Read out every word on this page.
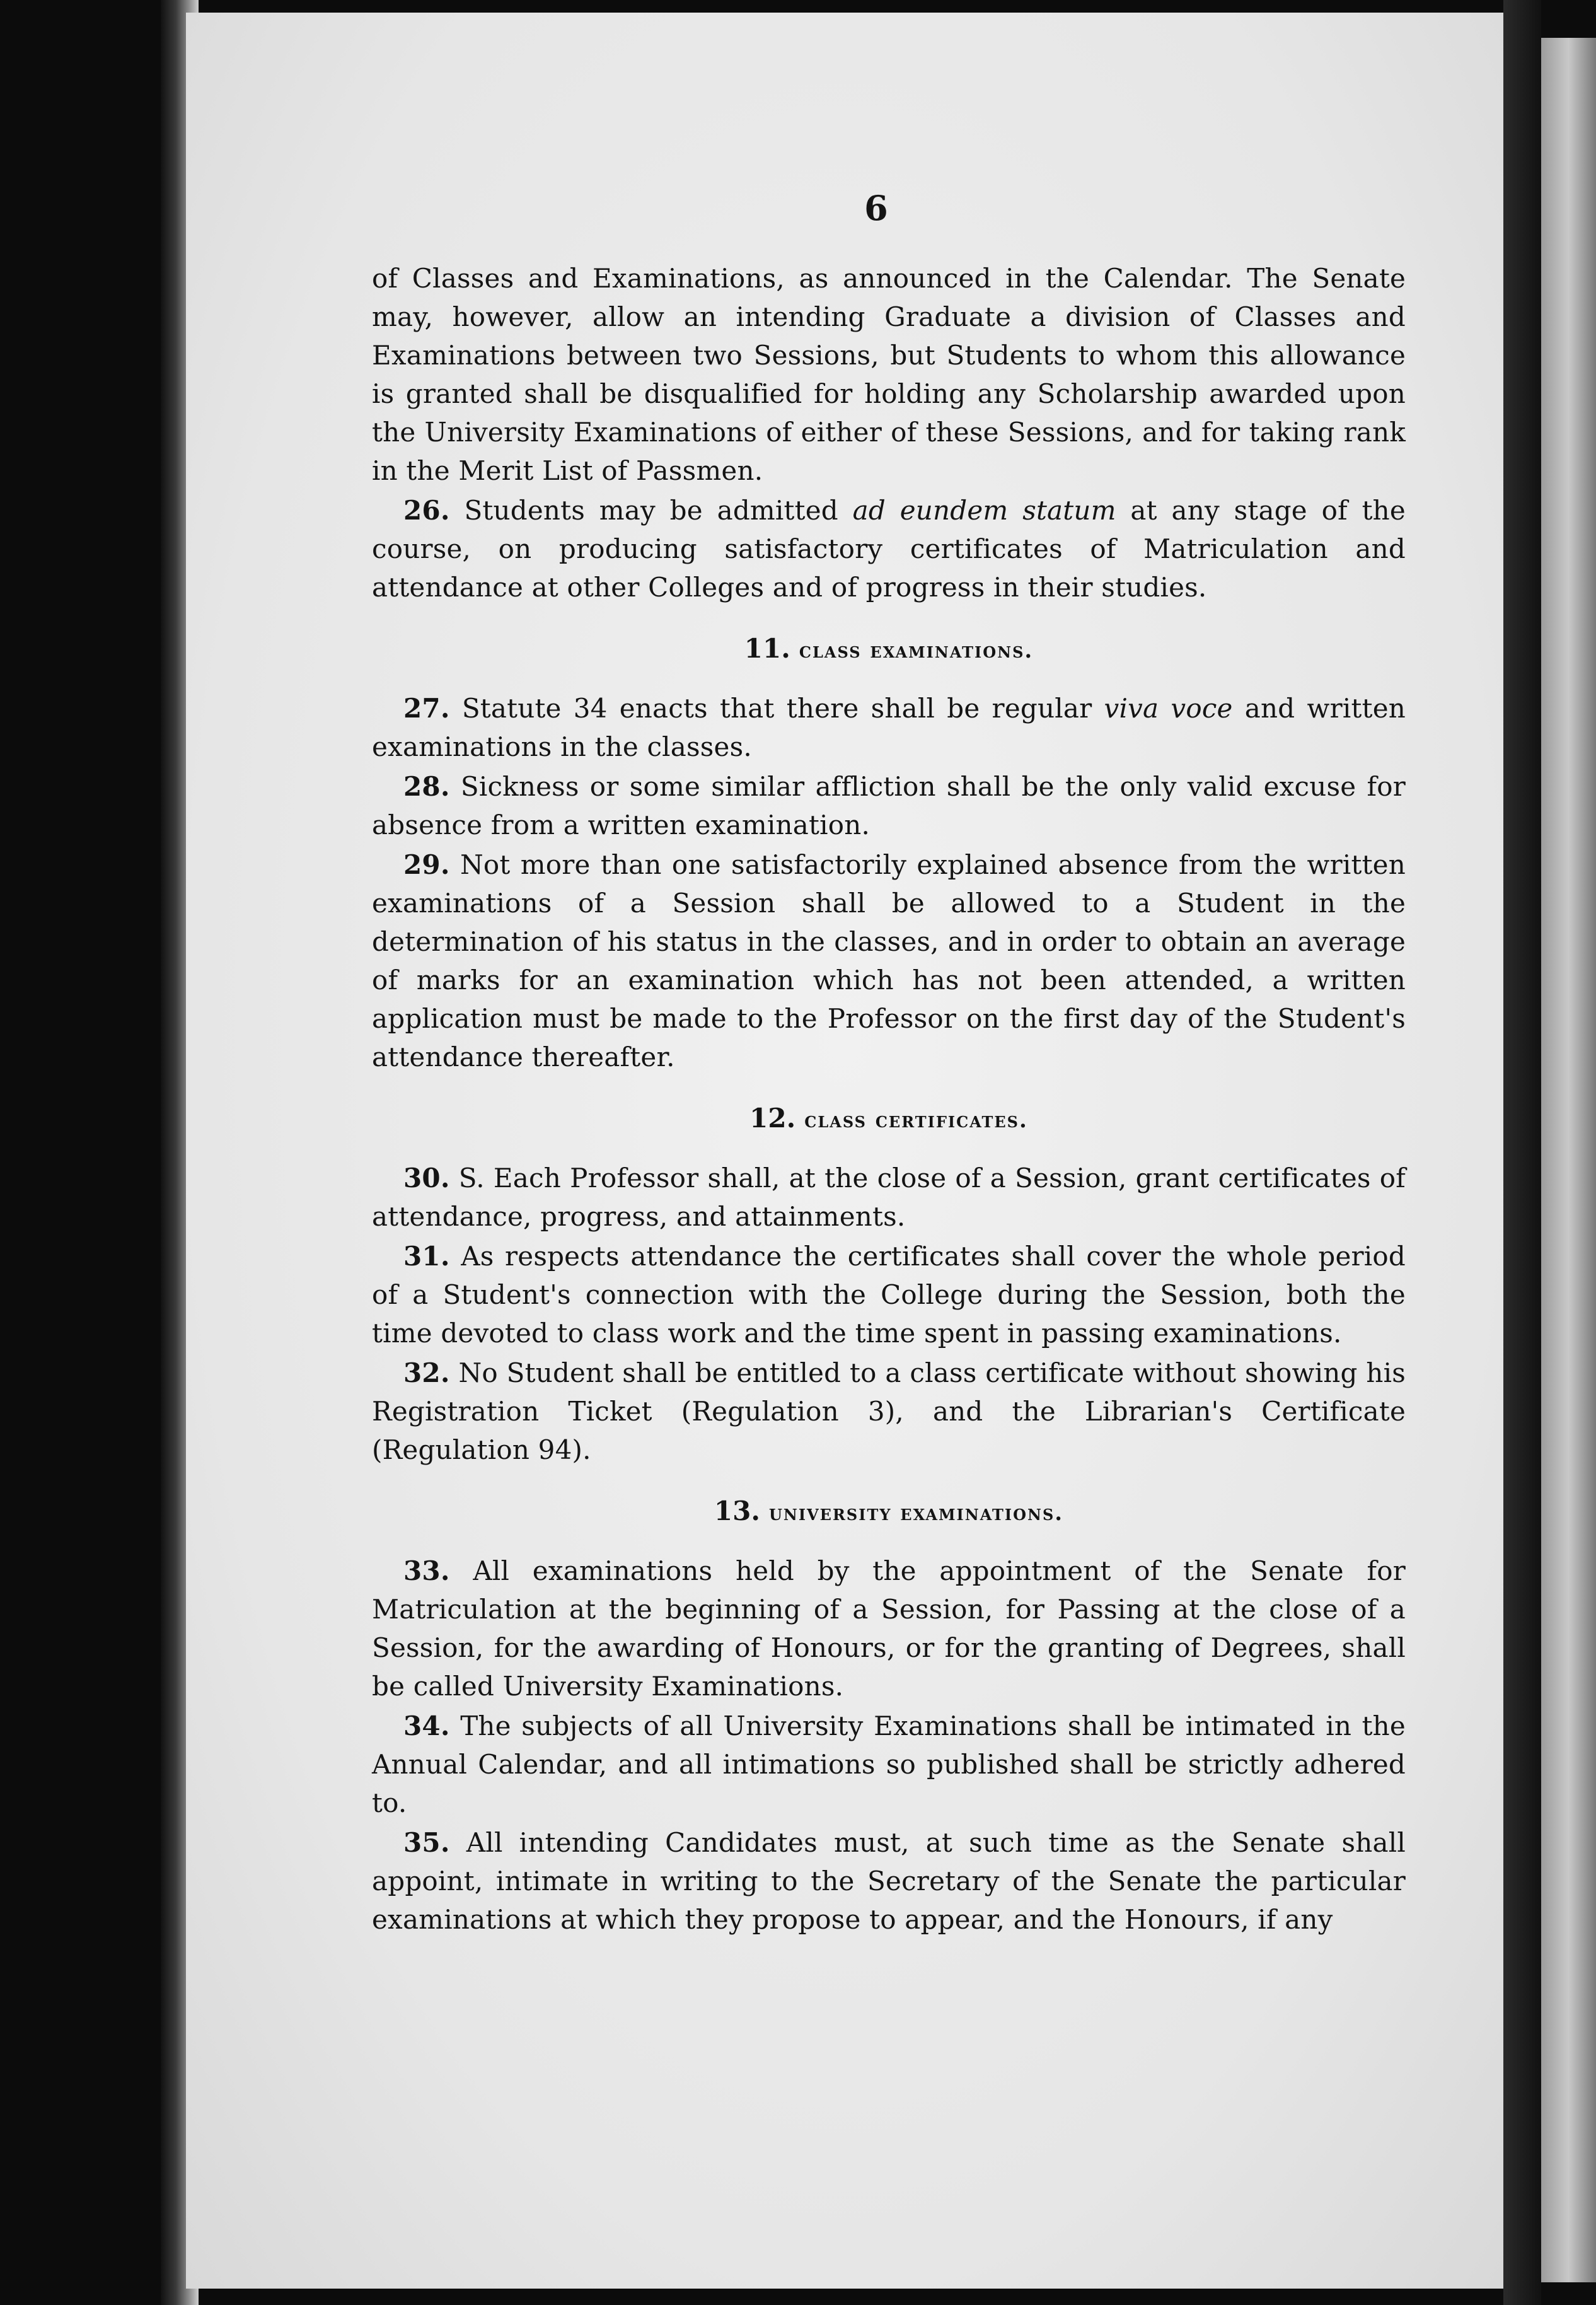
6

of Classes and Examinations, as announced in the Calendar. The Senate may, however, allow an intending Graduate a division of Classes and Examinations between two Sessions, but Students to whom this allowance is granted shall be disqualified for holding any Scholarship awarded upon the University Examinations of either of these Sessions, and for taking rank in the Merit List of Passmen.

26. Students may be admitted ad eundem statum at any stage of the course, on producing satisfactory certificates of Matriculation and attendance at other Colleges and of progress in their studies.

11. class examinations.

27. Statute 34 enacts that there shall be regular viva voce and written examinations in the classes.

28. Sickness or some similar affliction shall be the only valid excuse for absence from a written examination.

29. Not more than one satisfactorily explained absence from the written examinations of a Session shall be allowed to a Student in the determination of his status in the classes, and in order to obtain an average of marks for an examination which has not been attended, a written application must be made to the Professor on the first day of the Student's attendance thereafter.

12. class certificates.

30. S. Each Professor shall, at the close of a Session, grant certificates of attendance, progress, and attainments.

31. As respects attendance the certificates shall cover the whole period of a Student's connection with the College during the Session, both the time devoted to class work and the time spent in passing examinations.

32. No Student shall be entitled to a class certificate without showing his Registration Ticket (Regulation 3), and the Librarian's Certificate (Regulation 94).

13. university examinations.

33. All examinations held by the appointment of the Senate for Matriculation at the beginning of a Session, for Passing at the close of a Session, for the awarding of Honours, or for the granting of Degrees, shall be called University Examinations.

34. The subjects of all University Examinations shall be intimated in the Annual Calendar, and all intimations so published shall be strictly adhered to.

35. All intending Candidates must, at such time as the Senate shall appoint, intimate in writing to the Secretary of the Senate the particular examinations at which they propose to appear, and the Honours, if any
